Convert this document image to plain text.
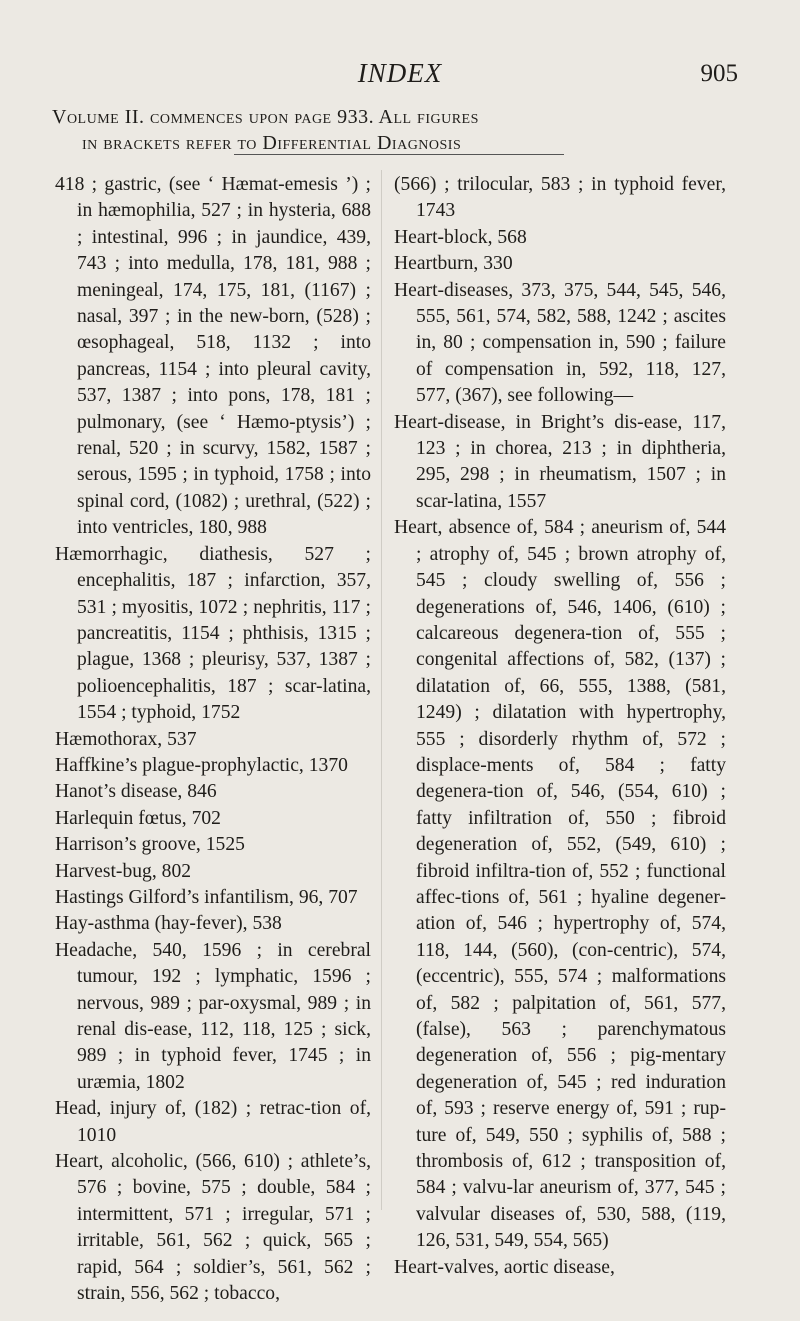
INDEX	905
Volume II. commences upon page 933. All figures
in brackets refer to Differential Diagnosis

418 ; gastric, (see ‘ Hæmat-emesis ’) ; in hæmophilia, 527 ; in hysteria, 688 ; intestinal, 996 ; in jaundice, 439, 743 ; into medulla, 178, 181, 988 ; meningeal, 174, 175, 181, (1167) ; nasal, 397 ; in the new-born, (528) ; œsophageal, 518, 1132 ; into pancreas, 1154 ; into pleural cavity, 537, 1387 ; into pons, 178, 181 ; pulmonary, (see ‘ Hæmo-ptysis’) ; renal, 520 ; in scurvy, 1582, 1587 ; serous, 1595 ; in typhoid, 1758 ; into spinal cord, (1082) ; urethral, (522) ; into ventricles, 180, 988

Hæmorrhagic, diathesis, 527 ; encephalitis, 187 ; infarction, 357, 531 ; myositis, 1072 ; nephritis, 117 ; pancreatitis, 1154 ; phthisis, 1315 ; plague, 1368 ; pleurisy, 537, 1387 ; polioencephalitis, 187 ; scar-latina, 1554 ; typhoid, 1752

Hæmothorax, 537

Haffkine’s plague-prophylactic, 1370

Hanot’s disease, 846

Harlequin fœtus, 702

Harrison’s groove, 1525

Harvest-bug, 802

Hastings Gilford’s infantilism, 96, 707

Hay-asthma (hay-fever), 538

Headache, 540, 1596 ; in cerebral tumour, 192 ; lymphatic, 1596 ; nervous, 989 ; par-oxysmal, 989 ; in renal dis-ease, 112, 118, 125 ; sick, 989 ; in typhoid fever, 1745 ; in uræmia, 1802

Head, injury of, (182) ; retrac-tion of, 1010

Heart, alcoholic, (566, 610) ; athlete’s, 576 ; bovine, 575 ; double, 584 ; intermittent, 571 ; irregular, 571 ; irritable, 561, 562 ; quick, 565 ; rapid, 564 ; soldier’s, 561, 562 ; strain, 556, 562 ; tobacco,

(566) ; trilocular, 583 ; in typhoid fever, 1743

Heart-block, 568

Heartburn, 330

Heart-diseases, 373, 375, 544, 545, 546, 555, 561, 574, 582, 588, 1242 ; ascites in, 80 ; compensation in, 590 ; failure of compensation in, 592, 118, 127, 577, (367), see following—

Heart-disease, in Bright’s dis-ease, 117, 123 ; in chorea, 213 ; in diphtheria, 295, 298 ; in rheumatism, 1507 ; in scar-latina, 1557

Heart, absence of, 584 ; aneurism of, 544 ; atrophy of, 545 ; brown atrophy of, 545 ; cloudy swelling of, 556 ; degenerations of, 546, 1406, (610) ; calcareous degenera-tion of, 555 ; congenital affections of, 582, (137) ; dilatation of, 66, 555, 1388, (581, 1249) ; dilatation with hypertrophy, 555 ; disorderly rhythm of, 572 ; displace-ments of, 584 ; fatty degenera-tion of, 546, (554, 610) ; fatty infiltration of, 550 ; fibroid degeneration of, 552, (549, 610) ; fibroid infiltra-tion of, 552 ; functional affec-tions of, 561 ; hyaline degener-ation of, 546 ; hypertrophy of, 574, 118, 144, (560), (con-centric), 574, (eccentric), 555, 574 ; malformations of, 582 ; palpitation of, 561, 577, (false), 563 ; parenchymatous degeneration of, 556 ; pig-mentary degeneration of, 545 ; red induration of, 593 ; reserve energy of, 591 ; rup-ture of, 549, 550 ; syphilis of, 588 ; thrombosis of, 612 ; transposition of, 584 ; valvu-lar aneurism of, 377, 545 ; valvular diseases of, 530, 588, (119, 126, 531, 549, 554, 565)

Heart-valves, aortic disease,
